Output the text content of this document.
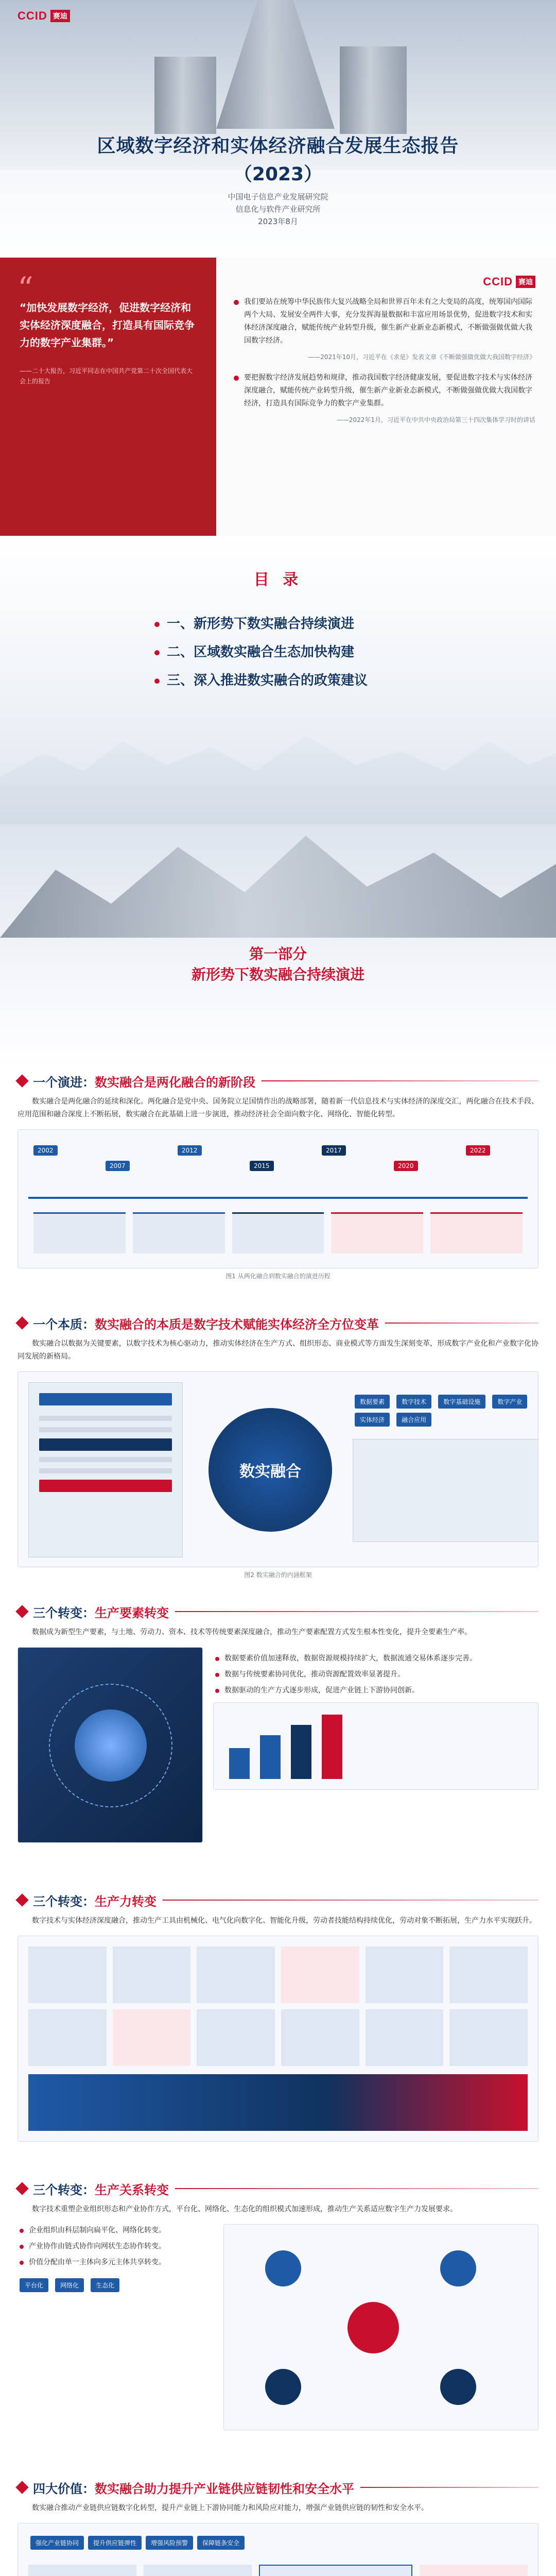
CCID 赛迪
区域数字经济和实体经济融合发展生态报告
（2023）
中国电子信息产业发展研究院
信息化与软件产业研究所
2023年8月
“
“加快发展数字经济，促进数字经济和实体经济深度融合，打造具有国际竞争力的数字产业集群。”
——二十大报告，习近平同志在中国共产党第二十次全国代表大会上的报告
CCID 赛迪
我们要站在统筹中华民族伟大复兴战略全局和世界百年未有之大变局的高度，统筹国内国际两个大局、发展安全两件大事，充分发挥海量数据和丰富应用场景优势，促进数字技术和实体经济深度融合，赋能传统产业转型升级，催生新产业新业态新模式，不断做强做优做大我国数字经济。
——2021年10月，习近平在《求是》发表文章《不断做强做优做大我国数字经济》
要把握数字经济发展趋势和规律，推动我国数字经济健康发展，要促进数字技术与实体经济深度融合，赋能传统产业转型升级，催生新产业新业态新模式，不断做强做优做大我国数字经济，打造具有国际竞争力的数字产业集群。
——2022年1月，习近平在中共中央政治局第三十四次集体学习时的讲话
目 录
一、新形势下数实融合持续演进
二、区域数实融合生态加快构建
三、深入推进数实融合的政策建议
第一部分
新形势下数实融合持续演进
一个演进：数实融合是两化融合的新阶段

数实融合是两化融合的延续和深化。两化融合是党中央、国务院立足国情作出的战略部署，随着新一代信息技术与实体经济的深度交汇，两化融合在技术手段、应用范围和融合深度上不断拓展，数实融合在此基础上进一步演进，推动经济社会全面向数字化、网络化、智能化转型。

2002
2007
2012
2015
2017
2020
2022
图1 从两化融合到数实融合的演进历程
一个本质：数实融合的本质是数字技术赋能实体经济全方位变革

数实融合以数据为关键要素，以数字技术为核心驱动力，推动实体经济在生产方式、组织形态、商业模式等方面发生深刻变革，形成数字产业化和产业数字化协同发展的新格局。

数实融合
数据要素	数字技术	数字基础设施	数字产业 实体经济	融合应用
图2 数实融合的内涵框架
三个转变：生产要素转变

数据成为新型生产要素，与土地、劳动力、资本、技术等传统要素深度融合，推动生产要素配置方式发生根本性变化，提升全要素生产率。

数据要素价值加速释放，数据资源规模持续扩大，数据流通交易体系逐步完善。
数据与传统要素协同优化，推动资源配置效率显著提升。
数据驱动的生产方式逐步形成，促进产业链上下游协同创新。
三个转变：生产力转变

数字技术与实体经济深度融合，推动生产工具由机械化、电气化向数字化、智能化升级，劳动者技能结构持续优化，劳动对象不断拓展，生产力水平实现跃升。

三个转变：生产关系转变

数字技术重塑企业组织形态和产业协作方式，平台化、网络化、生态化的组织模式加速形成，推动生产关系适应数字生产力发展要求。

企业组织由科层制向扁平化、网络化转变。
产业协作由链式协作向网状生态协作转变。
价值分配由单一主体向多元主体共享转变。
平台化	网络化	生态化
四大价值：数实融合助力提升产业链供应链韧性和安全水平

数实融合推动产业链供应链数字化转型，提升产业链上下游协同能力和风险应对能力，增强产业链供应链的韧性和安全水平。

强化产业链协同	提升供应链弹性	增强风险预警	保障链条安全
